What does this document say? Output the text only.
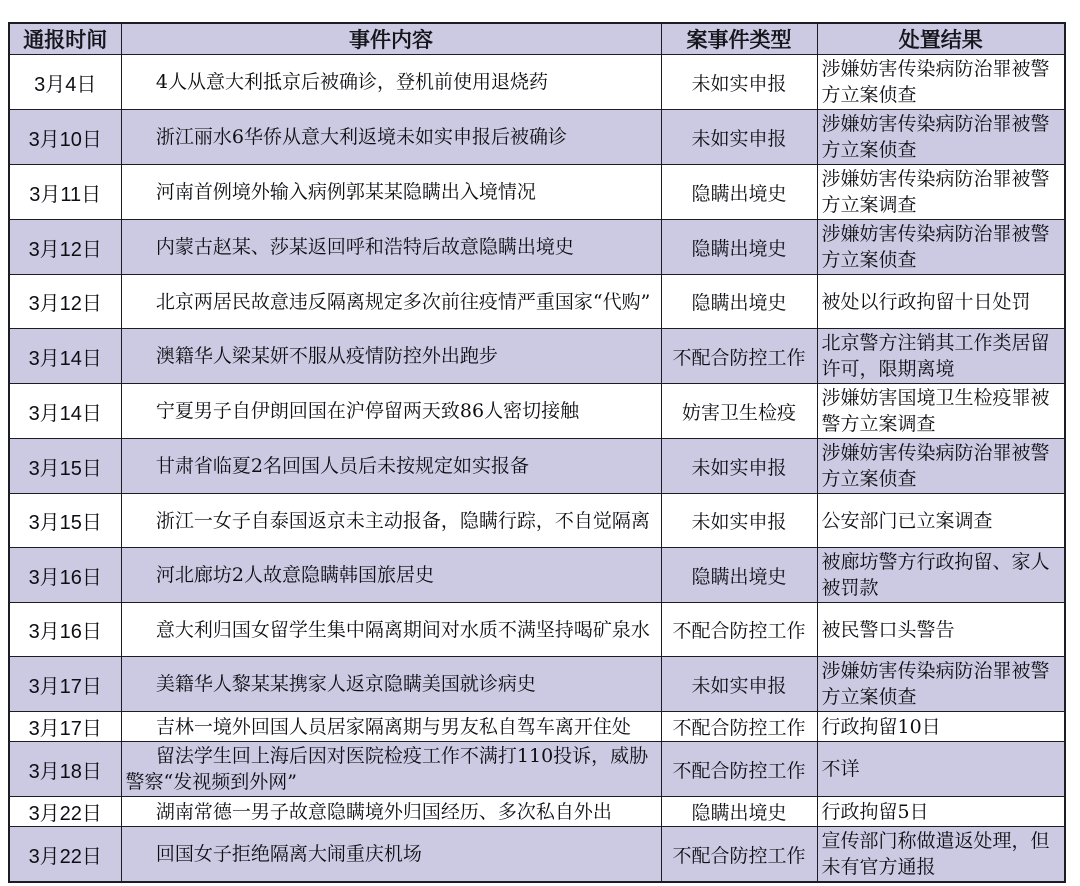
通报时间	事件内容	案事件类型	处置结果
3月4日	4人从意大利抵京后被确诊，登机前使用退烧药	未如实申报	涉嫌妨害传染病防治罪被警方立案侦查
3月10日	浙江丽水6华侨从意大利返境未如实申报后被确诊	未如实申报	涉嫌妨害传染病防治罪被警方立案侦查
3月11日	河南首例境外输入病例郭某某隐瞒出入境情况	隐瞒出境史	涉嫌妨害传染病防治罪被警方立案调查
3月12日	内蒙古赵某、莎某返回呼和浩特后故意隐瞒出境史	隐瞒出境史	涉嫌妨害传染病防治罪被警方立案侦查
3月12日	北京两居民故意违反隔离规定多次前往疫情严重国家“代购”	隐瞒出境史	被处以行政拘留十日处罚
3月14日	澳籍华人梁某妍不服从疫情防控外出跑步	不配合防控工作	北京警方注销其工作类居留许可，限期离境
3月14日	宁夏男子自伊朗回国在沪停留两天致86人密切接触	妨害卫生检疫	涉嫌妨害国境卫生检疫罪被警方立案调查
3月15日	甘肃省临夏2名回国人员后未按规定如实报备	未如实申报	涉嫌妨害传染病防治罪被警方立案侦查
3月15日	浙江一女子自泰国返京未主动报备，隐瞒行踪，不自觉隔离	未如实申报	公安部门已立案调查
3月16日	河北廊坊2人故意隐瞒韩国旅居史	隐瞒出境史	被廊坊警方行政拘留、家人被罚款
3月16日	意大利归国女留学生集中隔离期间对水质不满坚持喝矿泉水	不配合防控工作	被民警口头警告
3月17日	美籍华人黎某某携家人返京隐瞒美国就诊病史	未如实申报	涉嫌妨害传染病防治罪被警方立案侦查
3月17日	吉林一境外回国人员居家隔离期与男友私自驾车离开住处	不配合防控工作	行政拘留10日
3月18日	留法学生回上海后因对医院检疫工作不满打110投诉，威胁警察“发视频到外网”	不配合防控工作	不详
3月22日	湖南常德一男子故意隐瞒境外归国经历、多次私自外出	隐瞒出境史	行政拘留5日
3月22日	回国女子拒绝隔离大闹重庆机场	不配合防控工作	宣传部门称做遣返处理，但未有官方通报
